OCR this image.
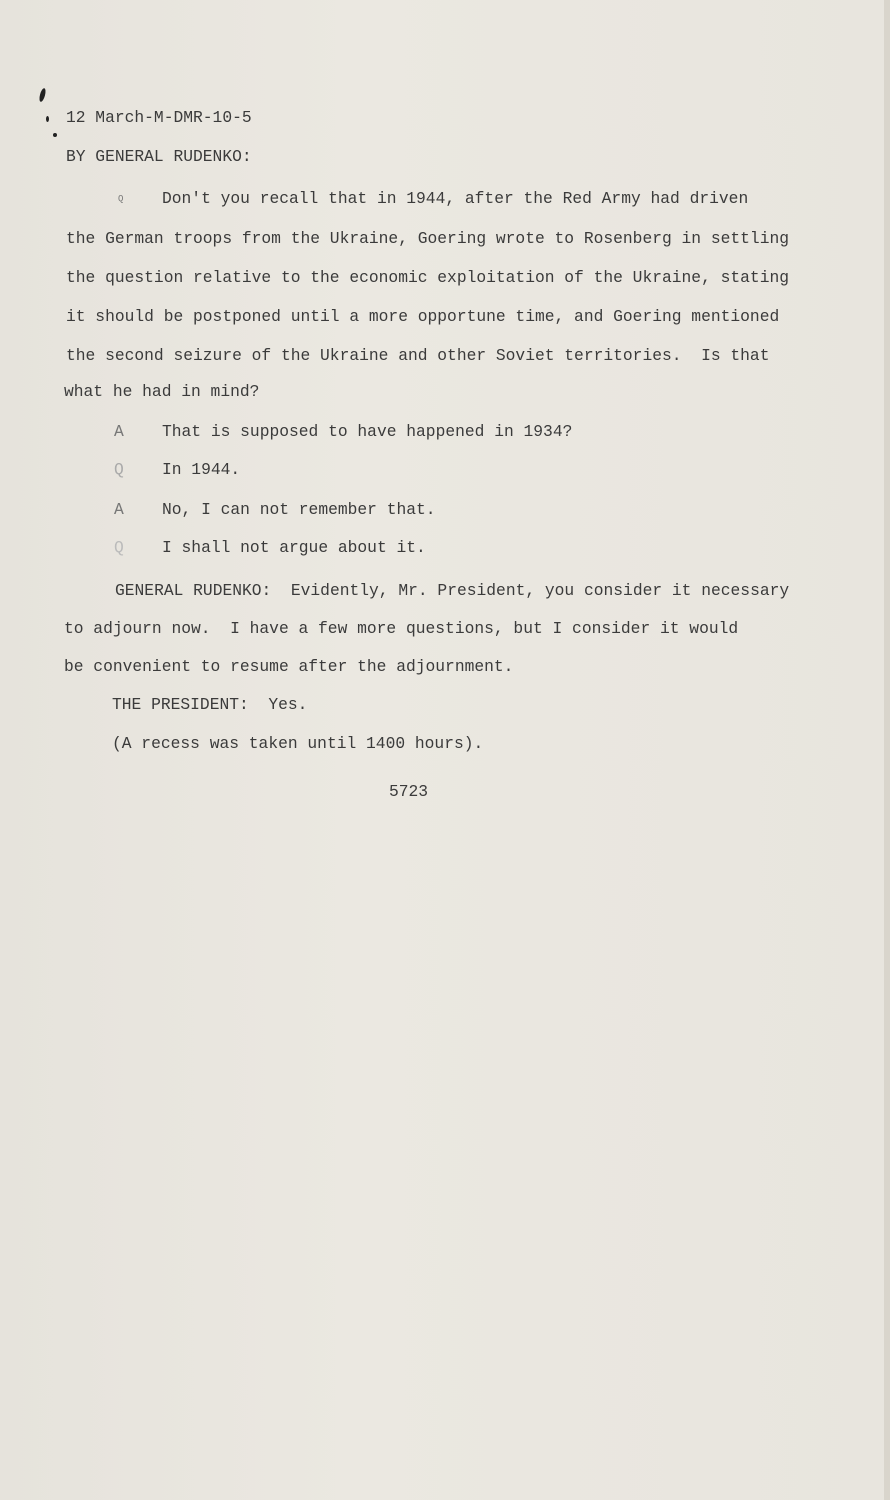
12 March-M-DMR-10-5
BY GENERAL RUDENKO:
Q Don't you recall that in 1944, after the Red Army had driven
the German troops from the Ukraine, Goering wrote to Rosenberg in settling
the question relative to the economic exploitation of the Ukraine, stating
it should be postponed until a more opportune time, and Goering mentioned
the second seizure of the Ukraine and other Soviet territories.  Is that
what he had in mind?
A That is supposed to have happened in 1934?
Q In 1944.
A No, I can not remember that.
Q I shall not argue about it.
GENERAL RUDENKO:  Evidently, Mr. President, you consider it necessary
to adjourn now.  I have a few more questions, but I consider it would
be convenient to resume after the adjournment.
THE PRESIDENT:  Yes.
(A recess was taken until 1400 hours).
5723
